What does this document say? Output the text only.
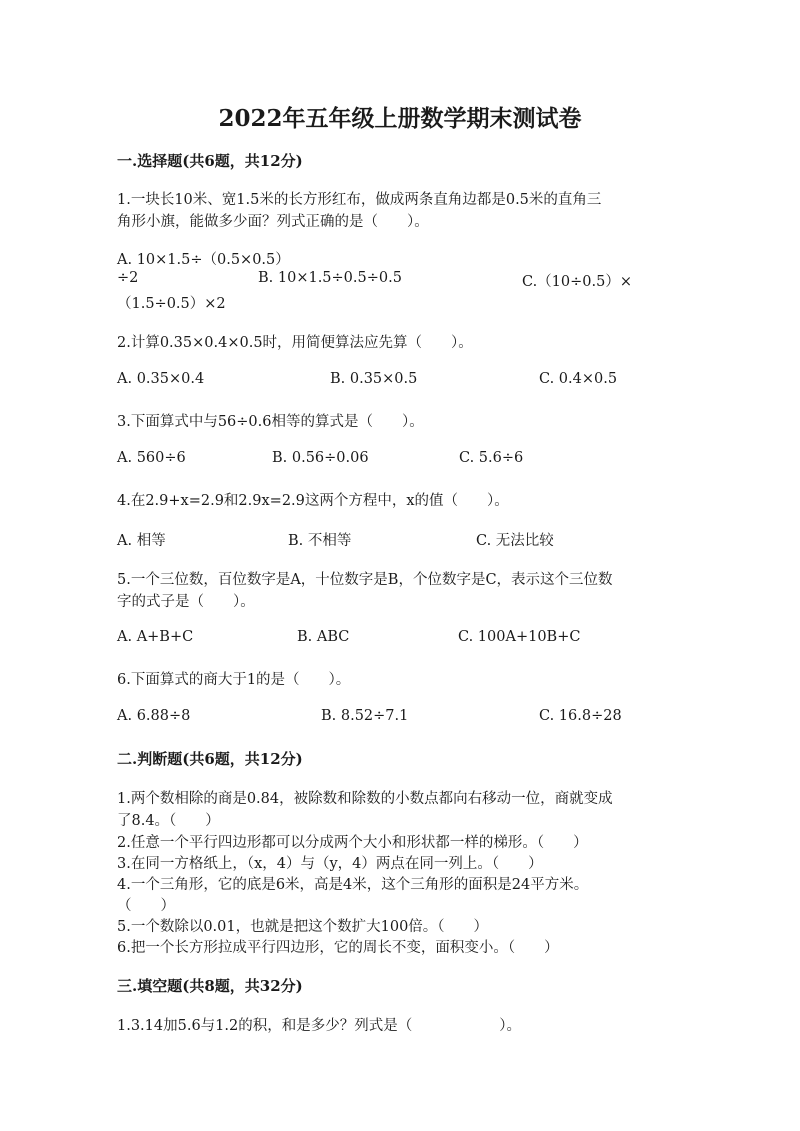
2022年五年级上册数学期末测试卷
一.选择题(共6题，共12分)
1.一块长10米、宽1.5米的长方形红布，做成两条直角边都是0.5米的直角三
角形小旗，能做多少面？列式正确的是（　　）。
A. 10×1.5÷（0.5×0.5）
÷2	B. 10×1.5÷0.5÷0.5	C.（10÷0.5）×
（1.5÷0.5）×2
2.计算0.35×0.4×0.5时，用简便算法应先算（　　）。
A. 0.35×0.4	B. 0.35×0.5	C. 0.4×0.5
3.下面算式中与56÷0.6相等的算式是（　　）。
A. 560÷6	B. 0.56÷0.06	C. 5.6÷6
4.在2.9+x=2.9和2.9x=2.9这两个方程中，x的值（　　）。
A. 相等	B. 不相等	C. 无法比较
5.一个三位数，百位数字是A，十位数字是B，个位数字是C，表示这个三位数
字的式子是（　　）。
A. A+B+C	B. ABC	C. 100A+10B+C
6.下面算式的商大于1的是（　　）。
A. 6.88÷8	B. 8.52÷7.1	C. 16.8÷28
二.判断题(共6题，共12分)
1.两个数相除的商是0.84，被除数和除数的小数点都向右移动一位，商就变成
了8.4。（　　）
2.任意一个平行四边形都可以分成两个大小和形状都一样的梯形。（　　）
3.在同一方格纸上，（x，4）与（y，4）两点在同一列上。（　　）
4.一个三角形，它的底是6米，高是4米，这个三角形的面积是24平方米。
（　　）
5.一个数除以0.01，也就是把这个数扩大100倍。（　　）
6.把一个长方形拉成平行四边形，它的周长不变，面积变小。（　　）
三.填空题(共8题，共32分)
1.3.14加5.6与1.2的积，和是多少？列式是（　　　　　　）。
